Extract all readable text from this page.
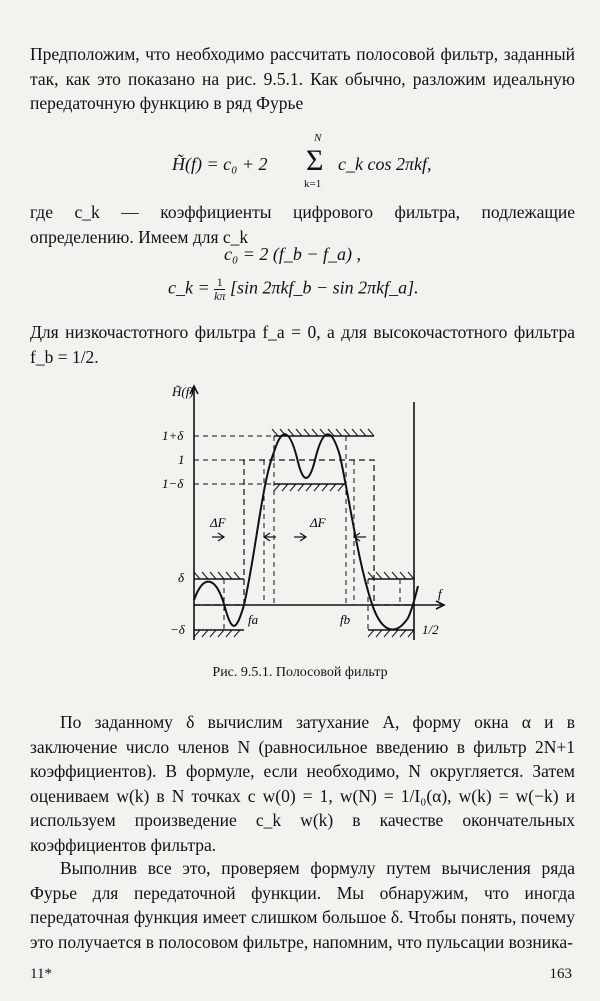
Предположим, что необходимо рассчитать полосовой фильтр, заданный так, как это показано на рис. 9.5.1. Как обычно, разложим идеальную передаточную функцию в ряд Фурье

H̃(f) = c₀ + 2
N
Σ
k=1
c_k cos 2πkf,

где c_k — коэффициенты цифрового фильтра, подлежащие определению. Имеем для c_k

c₀ = 2 (f_b − f_a) ,
c_k = $\frac{1}{k\pi} [\sin$ 2πkf_b − sin 2πkf_a].

Для низкочастотного фильтра f_a = 0, а для высокочастотного фильтра f_b = 1/2.

H̃(f)
1+δ
1
1−δ
δ
−δ
fa	fb
1/2
f
ΔF	ΔF
Рис. 9.5.1. Полосовой фильтр

По заданному δ вычислим затухание A, форму окна α и в заключение число членов N (равносильное введению в фильтр 2N+1 коэффициентов). В формуле, если необходимо, N округляется. Затем оцениваем w(k) в N точках с w(0) = 1, w(N) = 1/I₀(α), w(k) = w(−k) и используем произведение c_k w(k) в качестве окончательных коэффициентов фильтра.

Выполнив все это, проверяем формулу путем вычисления ряда Фурье для передаточной функции. Мы обнаружим, что иногда передаточная функция имеет слишком большое δ. Чтобы понять, почему это получается в полосовом фильтре, напомним, что пульсации возника-

11*	163
